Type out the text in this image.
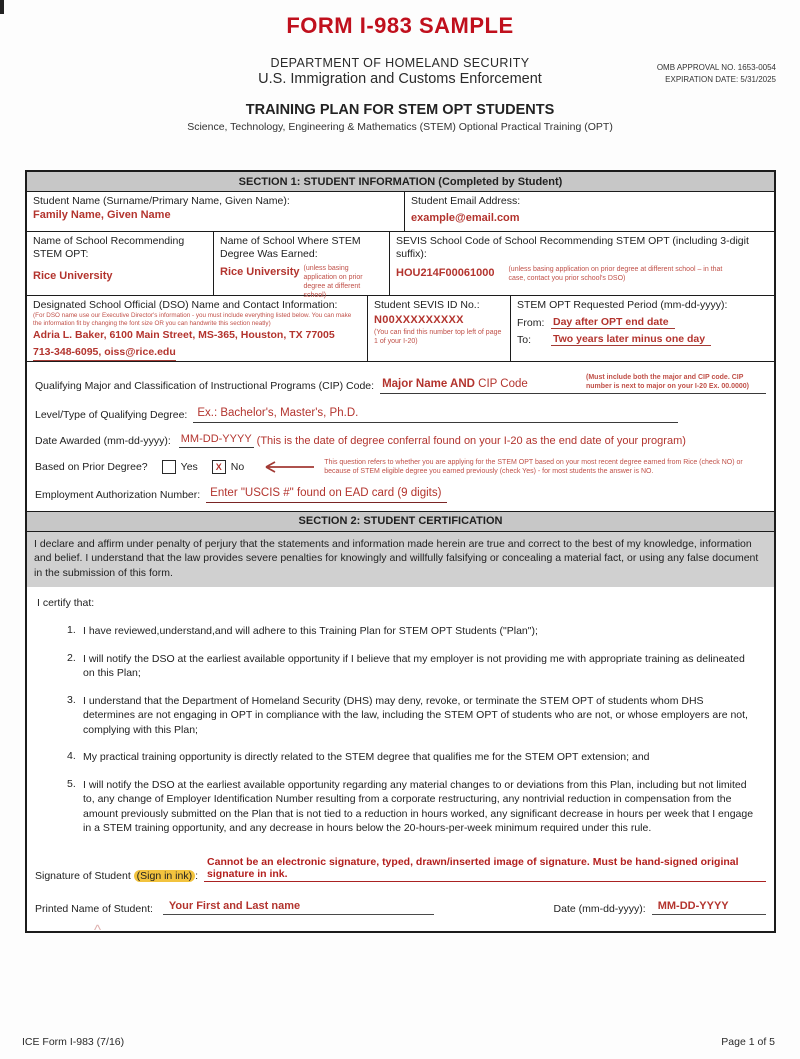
FORM I-983 SAMPLE
DEPARTMENT OF HOMELAND SECURITY
U.S. Immigration and Customs Enforcement
TRAINING PLAN FOR STEM OPT STUDENTS
Science, Technology, Engineering & Mathematics (STEM) Optional Practical Training (OPT)
OMB APPROVAL NO. 1653-0054
EXPIRATION DATE: 5/31/2025
SECTION 1: STUDENT INFORMATION (Completed by Student)
Student Name (Surname/Primary Name, Given Name):
Family Name, Given Name
Student Email Address:
example@email.com
Name of School Recommending STEM OPT:
Rice University
Name of School Where STEM Degree Was Earned:
Rice University (unless basing application on prior degree at different school)
SEVIS School Code of School Recommending STEM OPT (including 3-digit suffix):
HOU214F00061000 (unless basing application on prior degree at different school – in that case, contact you prior school's DSO)
Designated School Official (DSO) Name and Contact Information:
(For DSO name use our Executive Director's information - you must include everything listed below. You can make the information fit by changing the font size OR you can handwrite this section neatly)
Adria L. Baker, 6100 Main Street, MS-365, Houston, TX 77005
713-348-6095, oiss@rice.edu
Student SEVIS ID No.:
N00XXXXXXXXX
(You can find this number top left of page 1 of your I-20)
STEM OPT Requested Period (mm-dd-yyyy):
From: Day after OPT end date
To:	Two years later minus one day
Qualifying Major and Classification of Instructional Programs (CIP) Code: Major Name AND CIP Code
(Must include both the major and CIP code. CIP number is next to major on your I-20 Ex. 00.0000)
Level/Type of Qualifying Degree: Ex.: Bachelor's, Master's, Ph.D.
Date Awarded (mm-dd-yyyy): MM-DD-YYYY (This is the date of degree conferral found on your I-20 as the end date of your program)
Based on Prior Degree?	Yes	X No	This question refers to whether you are applying for the STEM OPT based on your most recent degree earned from Rice (check NO) or because of STEM eligible degree you earned previously (check Yes) - for most students the answer is NO.
Employment Authorization Number: Enter "USCIS #" found on EAD card (9 digits)
SECTION 2: STUDENT CERTIFICATION
I declare and affirm under penalty of perjury that the statements and information made herein are true and correct to the best of my knowledge, information and belief. I understand that the law provides severe penalties for knowingly and willfully falsifying or concealing a material fact, or using any false document in the submission of this form.
I certify that:
1. I have reviewed,understand,and will adhere to this Training Plan for STEM OPT Students ("Plan");
2. I will notify the DSO at the earliest available opportunity if I believe that my employer is not providing me with appropriate training as delineated on this Plan;
3. I understand that the Department of Homeland Security (DHS) may deny, revoke, or terminate the STEM OPT of students whom DHS determines are not engaging in OPT in compliance with the law, including the STEM OPT of students who are not, or whose employers are not, complying with this Plan;
4. My practical training opportunity is directly related to the STEM degree that qualifies me for the STEM OPT extension; and
5. I will notify the DSO at the earliest available opportunity regarding any material changes to or deviations from this Plan, including but not limited to, any change of Employer Identification Number resulting from a corporate restructuring, any nontrivial reduction in compensation from the amount previously submitted on the Plan that is not tied to a reduction in hours worked, any significant decrease in hours per week that I engage in a STEM training opportunity, and any decrease in hours below the 20-hours-per-week minimum required under this rule.
Signature of Student (Sign in ink) :
Cannot be an electronic signature, typed, drawn/inserted image of signature. Must be hand-signed original signature in ink.
Printed Name of Student:	Your First and Last name	Date (mm-dd-yyyy):	MM-DD-YYYY
^
ICE Form I-983 (7/16)	Page 1 of 5
